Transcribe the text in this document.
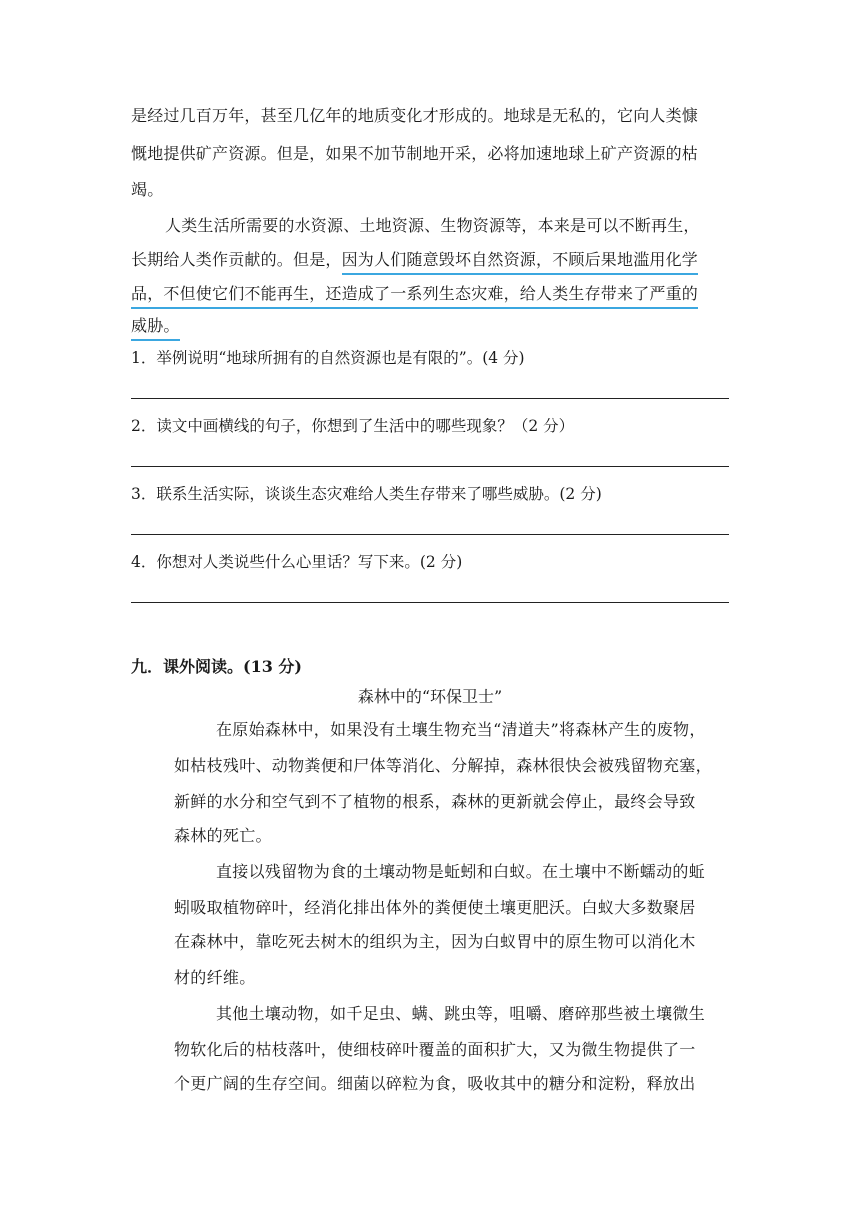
是经过几百万年，甚至几亿年的地质变化才形成的。地球是无私的，它向人类慷
慨地提供矿产资源。但是，如果不加节制地开采，必将加速地球上矿产资源的枯
竭。
人类生活所需要的水资源、土地资源、生物资源等，本来是可以不断再生，
长期给人类作贡献的。但是，因为人们随意毁坏自然资源，不顾后果地滥用化学
品，不但使它们不能再生，还造成了一系列生态灾难，给人类生存带来了严重的
威胁。
1．举例说明“地球所拥有的自然资源也是有限的”。(4 分)
2．读文中画横线的句子，你想到了生活中的哪些现象？（2 分）
3．联系生活实际，谈谈生态灾难给人类生存带来了哪些威胁。(2 分)
4．你想对人类说些什么心里话？写下来。(2 分)
九．课外阅读。(13 分)
森林中的“环保卫士”
在原始森林中，如果没有土壤生物充当“清道夫”将森林产生的废物，
如枯枝残叶、动物粪便和尸体等消化、分解掉，森林很快会被残留物充塞，
新鲜的水分和空气到不了植物的根系，森林的更新就会停止，最终会导致
森林的死亡。
直接以残留物为食的土壤动物是蚯蚓和白蚁。在土壤中不断蠕动的蚯
蚓吸取植物碎叶，经消化排出体外的粪便使土壤更肥沃。白蚁大多数聚居
在森林中，靠吃死去树木的组织为主，因为白蚁胃中的原生物可以消化木
材的纤维。
其他土壤动物，如千足虫、螨、跳虫等，咀嚼、磨碎那些被土壤微生
物软化后的枯枝落叶，使细枝碎叶覆盖的面积扩大，又为微生物提供了一
个更广阔的生存空间。细菌以碎粒为食，吸收其中的糖分和淀粉，释放出
